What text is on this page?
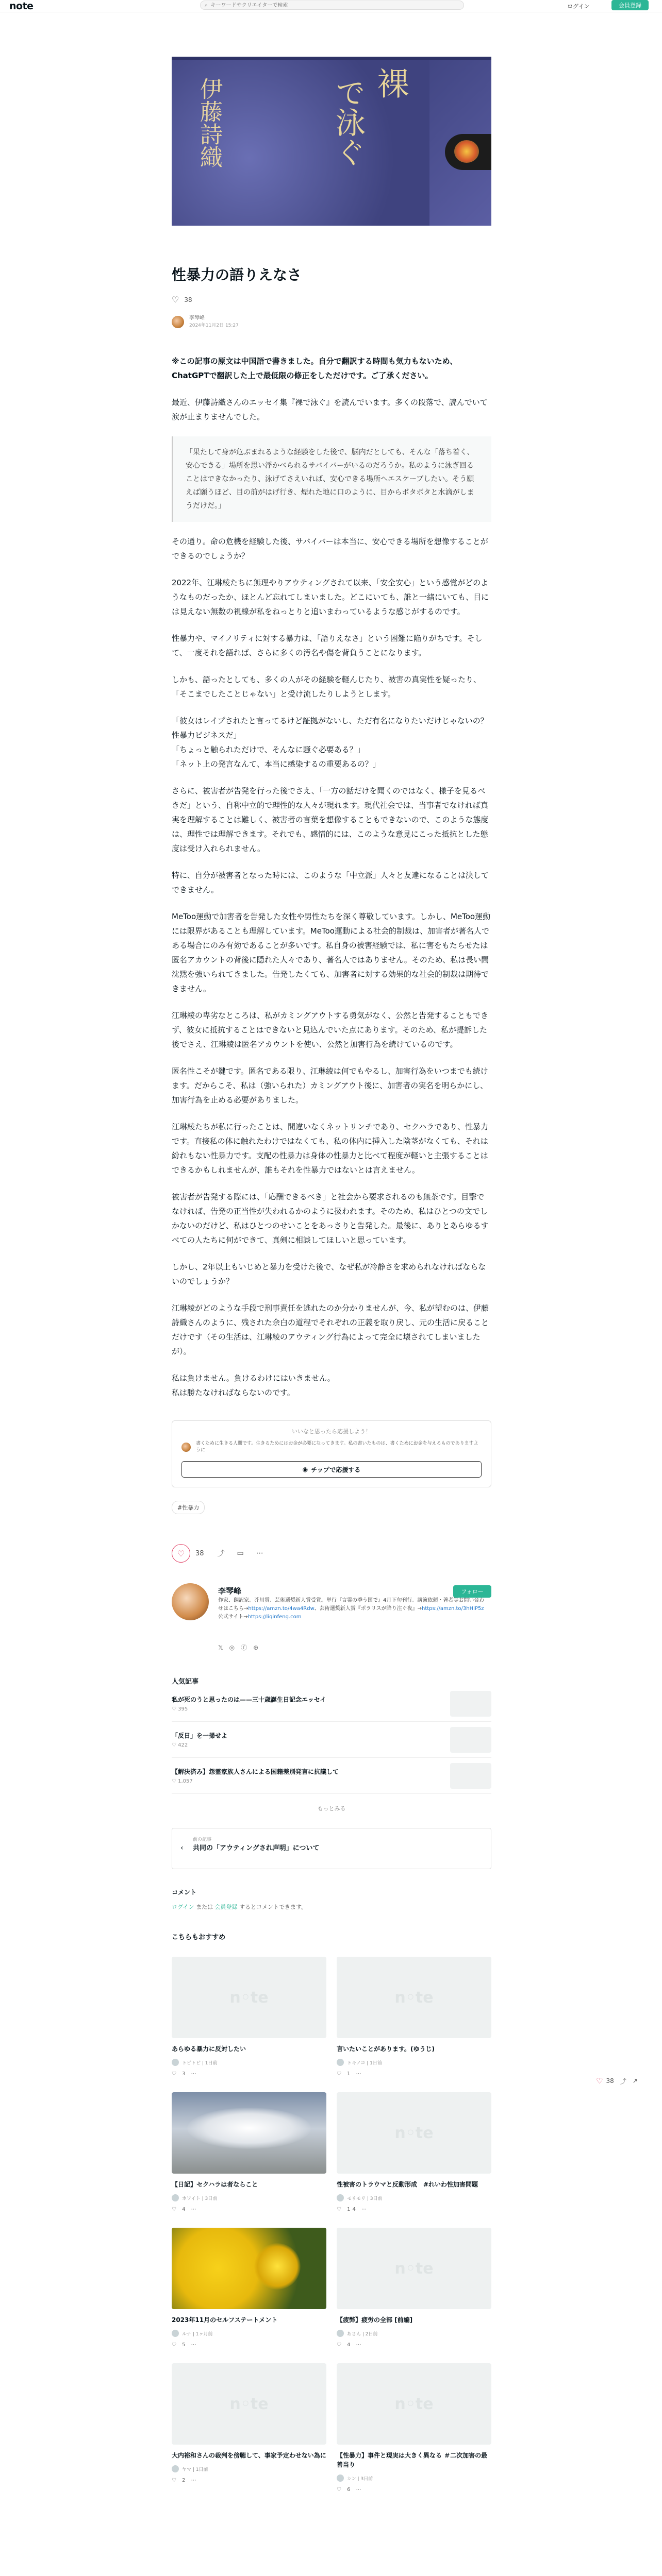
note	⌕
キーワードやクリエイターで検索	ログイン	会員登録
裸
で泳ぐ
伊藤詩織
性暴力の語りえなさ
♡ 38
李琴峰
2024年11月2日 15:27

※この記事の原文は中国語で書きました。自分で翻訳する時間も気力もないため、ChatGPTで翻訳した上で最低限の修正をしただけです。ご了承ください。

最近、伊藤詩織さんのエッセイ集『裸で泳ぐ』を読んでいます。多くの段落で、読んでいて涙が止まりませんでした。

「果たして身が危ぶまれるような経験をした後で、脳内だとしても、そんな「落ち着く、安心できる」場所を思い浮かべられるサバイバーがいるのだろうか。私のように泳ぎ回ることはできなかったり、泳げてさえいれば、安心できる場所へエスケープしたい。そう願えば願うほど、目の前がはげ行き、煙れた地に口のように、目からボタボタと水滴がしまうだけだ。」

その通り。命の危機を経験した後、サバイバーは本当に、安心できる場所を想像することができるのでしょうか？

2022年、江琳綾たちに無理やりアウティングされて以来、「安全安心」という感覚がどのようなものだったか、ほとんど忘れてしまいました。どこにいても、誰と一緒にいても、目には見えない無数の視線が私をねっとりと追いまわっているような感じがするのです。

性暴力や、マイノリティに対する暴力は、「語りえなさ」という困難に陥りがちです。そして、一度それを語れば、さらに多くの汚名や傷を背負うことになります。

しかも、語ったとしても、多くの人がその経験を軽んじたり、被害の真実性を疑ったり、「そこまでしたことじゃない」と受け流したりしようとします。

「彼女はレイプされたと言ってるけど証拠がないし、ただ有名になりたいだけじゃないの？　性暴力ビジネスだ」
「ちょっと触られただけで、そんなに騒ぐ必要ある？」
「ネット上の発言なんて、本当に感染するの重要あるの？」

さらに、被害者が告発を行った後でさえ、「一方の話だけを聞くのではなく、様子を見るべきだ」という、自称中立的で理性的な人々が現れます。現代社会では、当事者でなければ真実を理解することは難しく、被害者の言葉を想像することもできないので、このような態度は、理性では理解できます。それでも、感情的には、このような意見にこった抵抗とした態度は受け入れられません。

特に、自分が被害者となった時には、このような「中立派」人々と友達になることは決してできません。

MeToo運動で加害者を告発した女性や男性たちを深く尊敬しています。しかし、MeToo運動には限界があることも理解しています。MeToo運動による社会的制裁は、加害者が著名人である場合にのみ有効であることが多いです。私自身の被害経験では、私に害をもたらせたは匿名アカウントの背後に隠れた人々であり、著名人ではありません。そのため、私は長い間沈黙を強いられてきました。告発したくても、加害者に対する効果的な社会的制裁は期待できません。

江琳綾の卑劣なところは、私がカミングアウトする勇気がなく、公然と告発することもできず、彼女に抵抗することはできないと見込んでいた点にあります。そのため、私が提訴した後でさえ、江琳綾は匿名アカウントを使い、公然と加害行為を続けているのです。

匿名性こそが鍵です。匿名である限り、江琳綾は何でもやるし、加害行為をいつまでも続けます。だからこそ、私は（強いられた）カミングアウト後に、加害者の実名を明らかにし、加害行為を止める必要がありました。

江琳綾たちが私に行ったことは、間違いなくネットリンチであり、セクハラであり、性暴力です。直接私の体に触れたわけではなくても、私の体内に挿入した陰茎がなくても、それは紛れもない性暴力です。支配の性暴力は身体の性暴力と比べて程度が軽いと主張することはできるかもしれませんが、誰もそれを性暴力ではないとは言えません。

被害者が告発する際には、「応酬できるべき」と社会から要求されるのも無茶です。目撃でなければ、告発の正当性が失われるかのように扱われます。そのため、私はひとつの文でしかないのだけど、私はひとつのせいことをあっさりと告発した。最後に、ありとあらゆるすべての人たちに何ができて、真剣に相談してほしいと思っています。

しかし、2年以上もいじめと暴力を受けた後で、なぜ私が冷静さを求められなければならないのでしょうか？

江琳綾がどのような手段で刑事責任を逃れたのか分かりませんが、今、私が望むのは、伊藤詩織さんのように、残された余白の道程でそれぞれの正義を取り戻し、元の生活に戻ることだけです（その生活は、江琳綾のアウティング行為によって完全に壊されてしまいましたが）。

私は負けません。負けるわけにはいきません。
私は勝たなければならないのです。

いいなと思ったら応援しよう！
書くために生きる人間です。生きるためにはお金が必要になってきます。私の書いたものは、書くためにお金を与えるものでありますように
◉ チップで応援する
#性暴力
♡	38 ⤴ ▭ ⋯
李琴峰
作家、翻訳家。芥川賞、芸術選奨新人賞受賞。単行『言霊の季う国で』4月下旬刊行。講演依頼・著者等お問い合わせはこちら→https://amzn.to/4wa4Rdw、芸術選奨新人賞『ポラリスが降り注ぐ夜』→https://amzn.to/3hHlP5z 公式サイト→https://liqinfeng.com
𝕏◎ⓕ⊕
フォロー
人気記事
私が死のうと思ったのは——三十歳誕生日記念エッセイ
♡ 395
「反日」を一掃せよ
♡ 422
【解決済み】怨霊家族人さんによる国籍差別発言に抗議して
♡ 1,057
もっとみる
‹
前の記事
共同の「アウティングされ声明」について
コメント
ログイン または 会員登録 するとコメントできます。
こちらもおすすめ
n◦te
あらゆる暴力に反対したい
トピトピ | 1日前
♡ 3 ⋯
n◦te
言いたいことがあります。(ゆうじ)
トキノコ | 1日前
♡ 1 ⋯
【日記】セクハラは者ならこと
ホワイト | 3日前
♡ 4 ⋯
n◦te
性被害のトラウマと反動形成　#れいわ性加害問題
モリモリ | 3日前
♡ 14 ⋯
2023年11月のセルフステートメント
ルナ | 1ヶ月前
♡ 5 ⋯
n◦te
【疲弊】疲労の全部 [前編]
あさん | 2日前
♡ 4 ⋯
n◦te
大内裕和さんの裁判を傍聴して、事家予定わせない為に
ヤマ | 1日前
♡ 2 ⋯
n◦te
【性暴力】事件と現実は大きく異なる ＃二次加害の最善当り
シン | 3日前
♡ 6 ⋯
♡ 38 ⤴ ↗
